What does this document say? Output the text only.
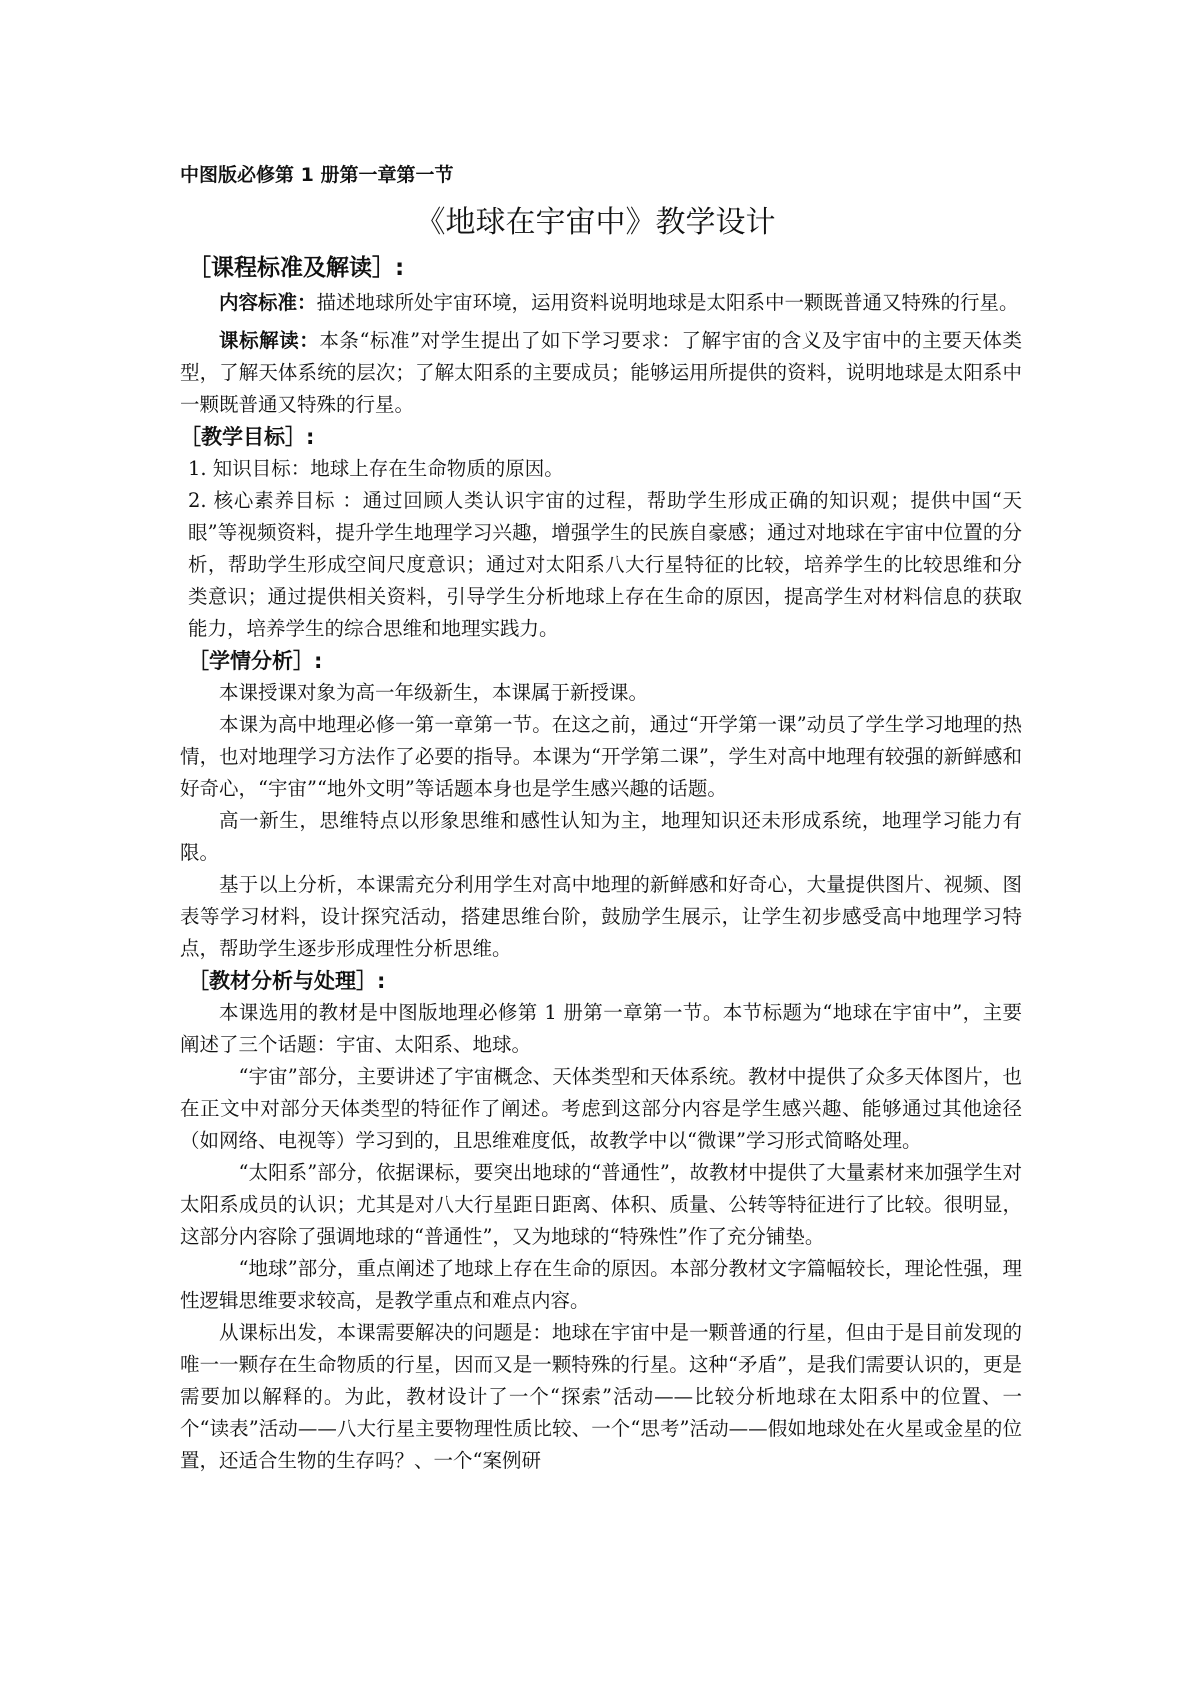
中图版必修第 1 册第一章第一节
《地球在宇宙中》教学设计

［课程标准及解读］:

内容标准：描述地球所处宇宙环境，运用资料说明地球是太阳系中一颗既普通又特殊的行星。

课标解读：本条“标准”对学生提出了如下学习要求：了解宇宙的含义及宇宙中的主要天体类型，了解天体系统的层次；了解太阳系的主要成员；能够运用所提供的资料，说明地球是太阳系中一颗既普通又特殊的行星。

［教学目标］:

1. 知识目标：地球上存在生命物质的原因。

2. 核心素养目标 ：通过回顾人类认识宇宙的过程，帮助学生形成正确的知识观；提供中国“天眼”等视频资料，提升学生地理学习兴趣，增强学生的民族自豪感；通过对地球在宇宙中位置的分析，帮助学生形成空间尺度意识；通过对太阳系八大行星特征的比较，培养学生的比较思维和分类意识；通过提供相关资料，引导学生分析地球上存在生命的原因，提高学生对材料信息的获取能力，培养学生的综合思维和地理实践力。

［学情分析］:

本课授课对象为高一年级新生，本课属于新授课。

本课为高中地理必修一第一章第一节。在这之前，通过“开学第一课”动员了学生学习地理的热情，也对地理学习方法作了必要的指导。本课为“开学第二课”，学生对高中地理有较强的新鲜感和好奇心，“宇宙”“地外文明”等话题本身也是学生感兴趣的话题。

高一新生，思维特点以形象思维和感性认知为主，地理知识还未形成系统，地理学习能力有限。

基于以上分析，本课需充分利用学生对高中地理的新鲜感和好奇心，大量提供图片、视频、图表等学习材料，设计探究活动，搭建思维台阶，鼓励学生展示，让学生初步感受高中地理学习特点，帮助学生逐步形成理性分析思维。

［教材分析与处理］:

本课选用的教材是中图版地理必修第 1 册第一章第一节。本节标题为“地球在宇宙中”，主要阐述了三个话题：宇宙、太阳系、地球。

“宇宙”部分，主要讲述了宇宙概念、天体类型和天体系统。教材中提供了众多天体图片，也在正文中对部分天体类型的特征作了阐述。考虑到这部分内容是学生感兴趣、能够通过其他途径（如网络、电视等）学习到的，且思维难度低，故教学中以“微课”学习形式简略处理。

“太阳系”部分，依据课标，要突出地球的“普通性”，故教材中提供了大量素材来加强学生对太阳系成员的认识；尤其是对八大行星距日距离、体积、质量、公转等特征进行了比较。很明显，这部分内容除了强调地球的“普通性”，又为地球的“特殊性”作了充分铺垫。

“地球”部分，重点阐述了地球上存在生命的原因。本部分教材文字篇幅较长，理论性强，理性逻辑思维要求较高，是教学重点和难点内容。

从课标出发，本课需要解决的问题是：地球在宇宙中是一颗普通的行星，但由于是目前发现的唯一一颗存在生命物质的行星，因而又是一颗特殊的行星。这种“矛盾”，是我们需要认识的，更是需要加以解释的。为此，教材设计了一个“探索”活动——比较分析地球在太阳系中的位置、一个“读表”活动——八大行星主要物理性质比较、一个“思考”活动——假如地球处在火星或金星的位置，还适合生物的生存吗？、一个“案例研
